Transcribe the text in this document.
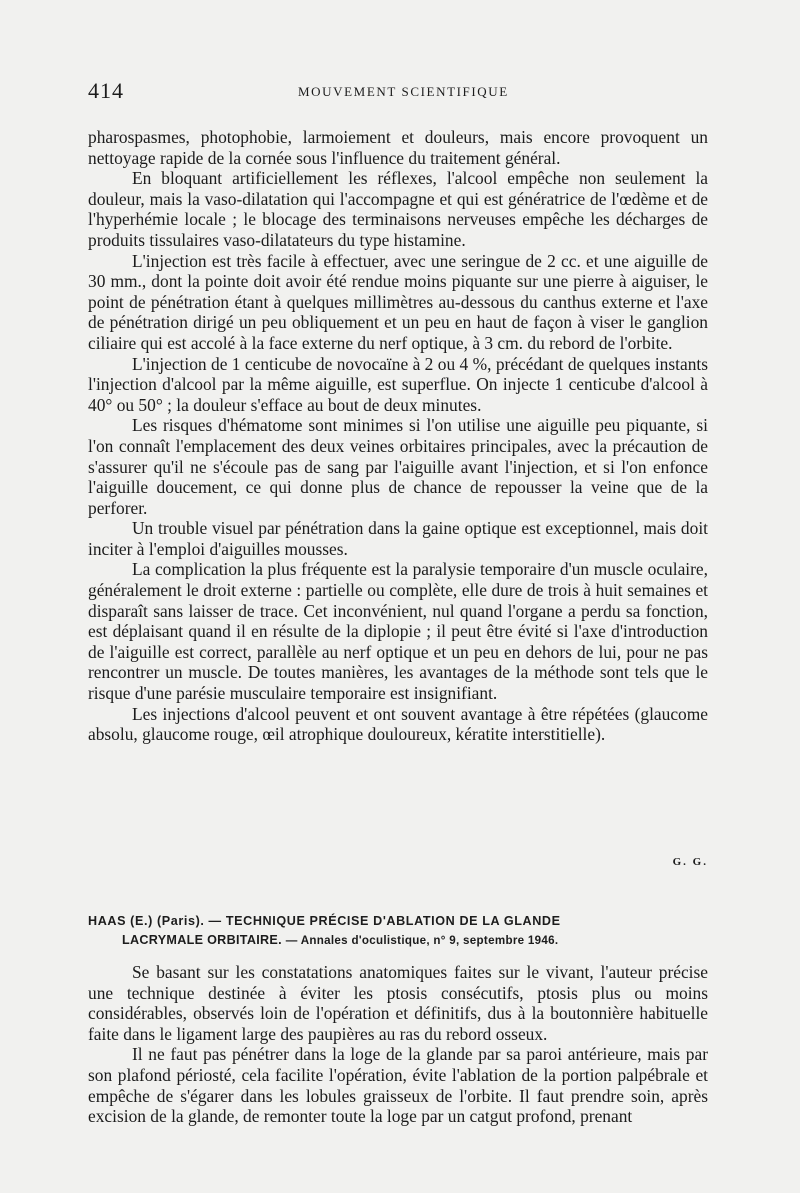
414	MOUVEMENT SCIENTIFIQUE

pharospasmes, photophobie, larmoiement et douleurs, mais encore provoquent un nettoyage rapide de la cornée sous l'influence du traitement général.

En bloquant artificiellement les réflexes, l'alcool empêche non seulement la douleur, mais la vaso-dilatation qui l'accompagne et qui est génératrice de l'œdème et de l'hyperhémie locale ; le blocage des terminaisons nerveuses empêche les décharges de produits tissulaires vaso-dilatateurs du type histamine.

L'injection est très facile à effectuer, avec une seringue de 2 cc. et une aiguille de 30 mm., dont la pointe doit avoir été rendue moins piquante sur une pierre à aiguiser, le point de pénétration étant à quelques millimètres au-dessous du canthus externe et l'axe de pénétration dirigé un peu obliquement et un peu en haut de façon à viser le ganglion ciliaire qui est accolé à la face externe du nerf optique, à 3 cm. du rebord de l'orbite.

L'injection de 1 centicube de novocaïne à 2 ou 4 %, précédant de quelques instants l'injection d'alcool par la même aiguille, est superflue. On injecte 1 centicube d'alcool à 40° ou 50° ; la douleur s'efface au bout de deux minutes.

Les risques d'hématome sont minimes si l'on utilise une aiguille peu piquante, si l'on connaît l'emplacement des deux veines orbitaires principales, avec la précaution de s'assurer qu'il ne s'écoule pas de sang par l'aiguille avant l'injection, et si l'on enfonce l'aiguille doucement, ce qui donne plus de chance de repousser la veine que de la perforer.

Un trouble visuel par pénétration dans la gaine optique est exceptionnel, mais doit inciter à l'emploi d'aiguilles mousses.

La complication la plus fréquente est la paralysie temporaire d'un muscle oculaire, généralement le droit externe : partielle ou complète, elle dure de trois à huit semaines et disparaît sans laisser de trace. Cet inconvénient, nul quand l'organe a perdu sa fonction, est déplaisant quand il en résulte de la diplopie ; il peut être évité si l'axe d'introduction de l'aiguille est correct, parallèle au nerf optique et un peu en dehors de lui, pour ne pas rencontrer un muscle. De toutes manières, les avantages de la méthode sont tels que le risque d'une parésie musculaire temporaire est insignifiant.

Les injections d'alcool peuvent et ont souvent avantage à être répétées (glaucome absolu, glaucome rouge, œil atrophique douloureux, kératite interstitielle).

G. G.
HAAS (E.) (Paris). — TECHNIQUE PRÉCISE D'ABLATION DE LA GLANDE
LACRYMALE ORBITAIRE. — Annales d'oculistique, n° 9, septembre 1946.

Se basant sur les constatations anatomiques faites sur le vivant, l'auteur précise une technique destinée à éviter les ptosis consécutifs, ptosis plus ou moins considérables, observés loin de l'opération et définitifs, dus à la boutonnière habituelle faite dans le ligament large des paupières au ras du rebord osseux.

Il ne faut pas pénétrer dans la loge de la glande par sa paroi antérieure, mais par son plafond périosté, cela facilite l'opération, évite l'ablation de la portion palpébrale et empêche de s'égarer dans les lobules graisseux de l'orbite. Il faut prendre soin, après excision de la glande, de remonter toute la loge par un catgut profond, prenant
